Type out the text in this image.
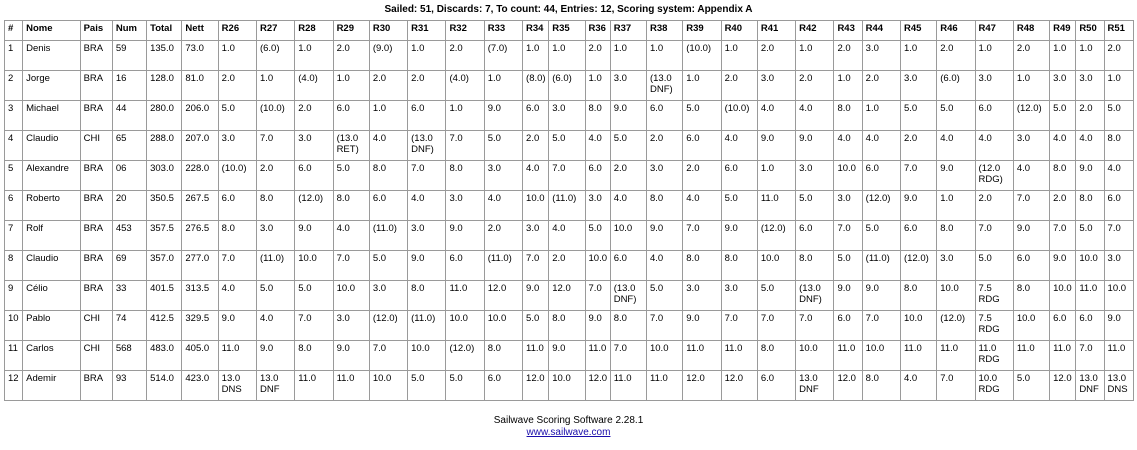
Sailed: 51, Discards: 7, To count: 44, Entries: 12, Scoring system: Appendix A
#	Nome	Pais	Num	Total	Nett	R26	R27	R28	R29	R30	R31	R32	R33	R34	R35	R36	R37	R38	R39	R40	R41	R42	R43	R44	R45	R46	R47	R48	R49	R50	R51
1	Denis	BRA	59	135.0	73.0	1.0	(6.0)	1.0	2.0	(9.0)	1.0	2.0	(7.0)	1.0	1.0	2.0	1.0	1.0	(10.0)	1.0	2.0	1.0	2.0	3.0	1.0	2.0	1.0	2.0	1.0	1.0	2.0
2	Jorge	BRA	16	128.0	81.0	2.0	1.0	(4.0)	1.0	2.0	2.0	(4.0)	1.0	(8.0)	(6.0)	1.0	3.0	(13.0 DNF)	1.0	2.0	3.0	2.0	1.0	2.0	3.0	(6.0)	3.0	1.0	3.0	3.0	1.0
3	Michael	BRA	44	280.0	206.0	5.0	(10.0)	2.0	6.0	1.0	6.0	1.0	9.0	6.0	3.0	8.0	9.0	6.0	5.0	(10.0)	4.0	4.0	8.0	1.0	5.0	5.0	6.0	(12.0)	5.0	2.0	5.0
4	Claudio	CHI	65	288.0	207.0	3.0	7.0	3.0	(13.0 RET)	4.0	(13.0 DNF)	7.0	5.0	2.0	5.0	4.0	5.0	2.0	6.0	4.0	9.0	9.0	4.0	4.0	2.0	4.0	4.0	3.0	4.0	4.0	8.0
5	Alexandre	BRA	06	303.0	228.0	(10.0)	2.0	6.0	5.0	8.0	7.0	8.0	3.0	4.0	7.0	6.0	2.0	3.0	2.0	6.0	1.0	3.0	10.0	6.0	7.0	9.0	(12.0 RDG)	4.0	8.0	9.0	4.0
6	Roberto	BRA	20	350.5	267.5	6.0	8.0	(12.0)	8.0	6.0	4.0	3.0	4.0	10.0	(11.0)	3.0	4.0	8.0	4.0	5.0	11.0	5.0	3.0	(12.0)	9.0	1.0	2.0	7.0	2.0	8.0	6.0
7	Rolf	BRA	453	357.5	276.5	8.0	3.0	9.0	4.0	(11.0)	3.0	9.0	2.0	3.0	4.0	5.0	10.0	9.0	7.0	9.0	(12.0)	6.0	7.0	5.0	6.0	8.0	7.0	9.0	7.0	5.0	7.0
8	Claudio	BRA	69	357.0	277.0	7.0	(11.0)	10.0	7.0	5.0	9.0	6.0	(11.0)	7.0	2.0	10.0	6.0	4.0	8.0	8.0	10.0	8.0	5.0	(11.0)	(12.0)	3.0	5.0	6.0	9.0	10.0	3.0
9	Célio	BRA	33	401.5	313.5	4.0	5.0	5.0	10.0	3.0	8.0	11.0	12.0	9.0	12.0	7.0	(13.0 DNF)	5.0	3.0	3.0	5.0	(13.0 DNF)	9.0	9.0	8.0	10.0	7.5 RDG	8.0	10.0	11.0	10.0
10	Pablo	CHI	74	412.5	329.5	9.0	4.0	7.0	3.0	(12.0)	(11.0)	10.0	10.0	5.0	8.0	9.0	8.0	7.0	9.0	7.0	7.0	7.0	6.0	7.0	10.0	(12.0)	7.5 RDG	10.0	6.0	6.0	9.0
11	Carlos	CHI	568	483.0	405.0	11.0	9.0	8.0	9.0	7.0	10.0	(12.0)	8.0	11.0	9.0	11.0	7.0	10.0	11.0	11.0	8.0	10.0	11.0	10.0	11.0	11.0	11.0 RDG	11.0	11.0	7.0	11.0
12	Ademir	BRA	93	514.0	423.0	13.0 DNS	13.0 DNF	11.0	11.0	10.0	5.0	5.0	6.0	12.0	10.0	12.0	11.0	11.0	12.0	12.0	6.0	13.0 DNF	12.0	8.0	4.0	7.0	10.0 RDG	5.0	12.0	13.0 DNF	13.0 DNS
Sailwave Scoring Software 2.28.1
www.sailwave.com
